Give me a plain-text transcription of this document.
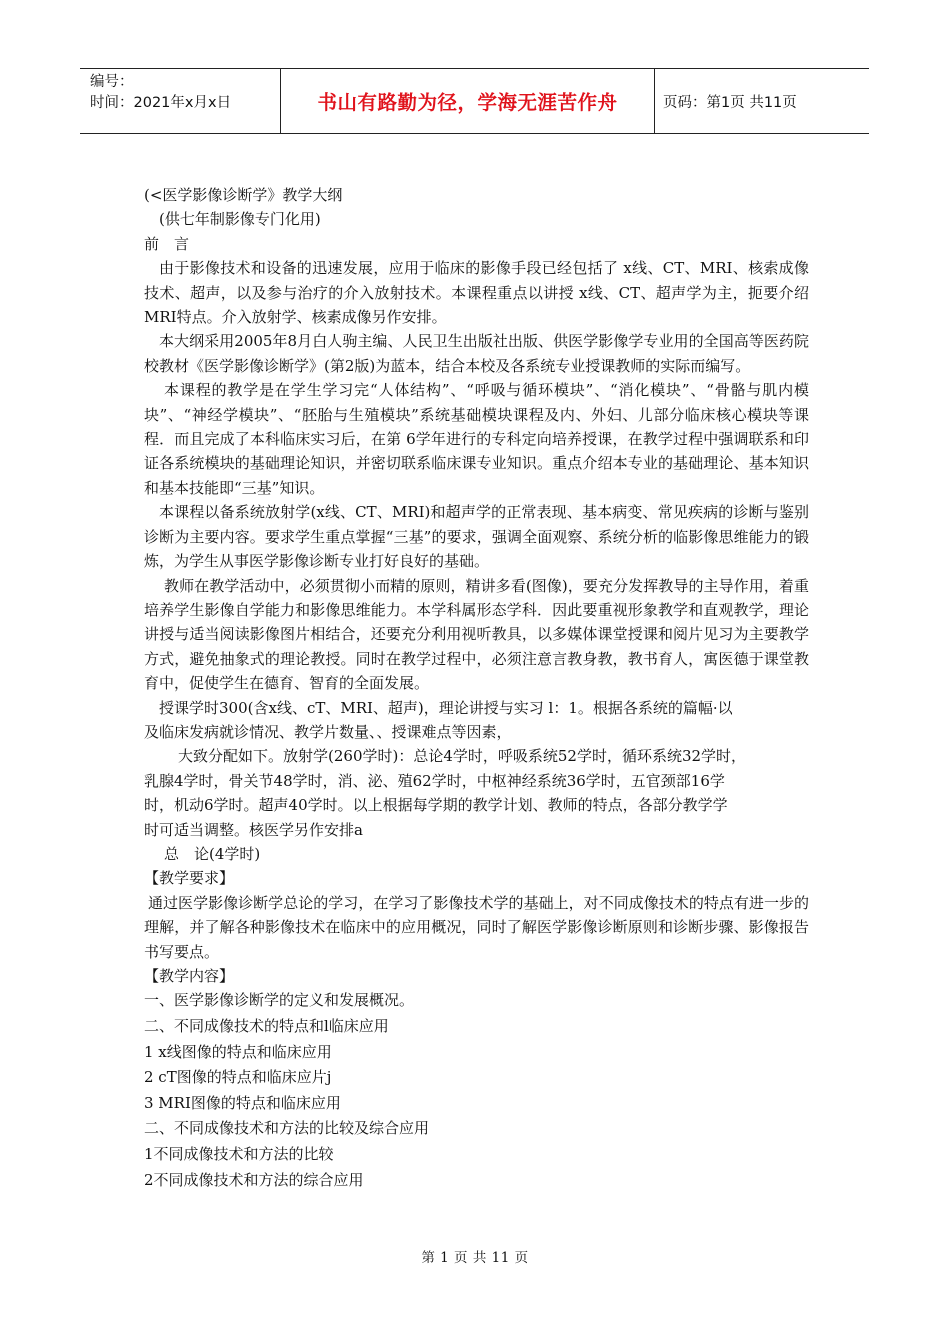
编号：
时间：2021年x月x日	书山有路勤为径，学海无涯苦作舟	页码：第1页 共11页

(<医学影像诊断学》教学大纲

(供七年制影像专门化用)

前　言

由于影像技术和设备的迅速发展，应用于临床的影像手段已经包括了 x线、CT、MRI、核索成像技术、超声，以及参与治疗的介入放射技术。本课程重点以讲授 x线、CT、超声学为主，扼要介绍MRI特点。介入放射学、核素成像另作安排。

本大纲采用2005年8月白人驹主编、人民卫生出版社出版、供医学影像学专业用的全国高等医药院校教材《医学影像诊断学》(第2版)为蓝本，结合本校及各系统专业授课教师的实际而编写。

本课程的教学是在学生学习完“人体结构”、“呼吸与循环模块”、“消化模块”、“骨骼与肌内模块”、“神经学模块”、“胚胎与生殖模块”系统基础模块课程及内、外妇、儿部分临床核心模块等课程．而且完成了本科临床实习后，在第 6学年进行的专科定向培养授课，在教学过程中强调联系和印证各系统模块的基础理论知识，并密切联系临床课专业知识。重点介绍本专业的基础理论、基本知识和基本技能即“三基”知识。

本课程以备系统放射学(x线、CT、MRI)和超声学的正常表现、基本病变、常见疾病的诊断与鉴别诊断为主要内容。要求学生重点掌握“三基”的要求，强调全面观察、系统分析的临影像思维能力的锻炼，为学生从事医学影像诊断专业打好良好的基础。

教师在教学活动中，必须贯彻小而精的原则，精讲多看(图像)，要充分发挥教导的主导作用，着重培养学生影像自学能力和影像思维能力。本学科属形态学科．因此要重视形象教学和直观教学，理论讲授与适当阅读影像图片相结合，还要充分利用视听教具，以多媒体课堂授课和阅片见习为主要教学方式，避免抽象式的理论教授。同时在教学过程中，必须注意言教身教，教书育人，寓医德于课堂教育中，促使学生在德育、智育的全面发展。

授课学时300(含x线、cT、MRI、超声)，理论讲授与实习 l：1。根据各系统的篇幅·以

及临床发病就诊情况、教学片数量、、授课难点等因素，

大致分配如下。放射学(260学时)：总论4学时，呼吸系统52学时，循环系统32学时，

乳腺4学时，骨关节48学时，消、泌、殖62学时，中枢神经系统36学时，五官颈部16学

时，机动6学时。超声40学时。以上根据每学期的教学计划、教师的特点，各部分教学学

时可适当调整。核医学另作安排a

总　论(4学时)

【教学要求】

通过医学影像诊断学总论的学习，在学习了影像技术学的基础上，对不同成像技术的特点有进一步的理解，并了解各种影像技术在临床中的应用概况，同时了解医学影像诊断原则和诊断步骤、影像报告书写要点。

【教学内容】

一、医学影像诊断学的定义和发展概况。

二、不同成像技术的特点和l临床应用

1 x线图像的特点和临床应用

2 cT图像的特点和临床应片j

3 MRI图像的特点和临床应用

二、不同成像技术和方法的比较及综合应用

1不同成像技术和方法的比较

2不同成像技术和方法的综合应用

第 1 页 共 11 页
